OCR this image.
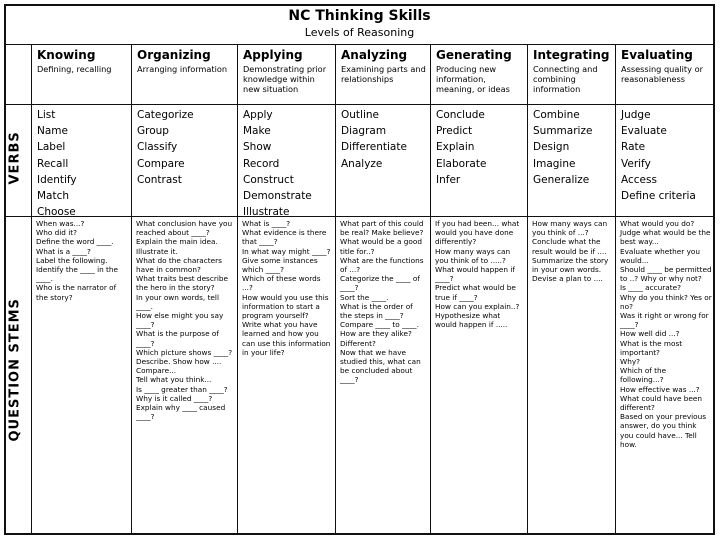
NC Thinking Skills
Levels of Reasoning
VERBS
QUESTION STEMS
Knowing
Defining, recalling
Organizing
Arranging information
Applying
Demonstrating prior knowledge within new situation
Analyzing
Examining parts and relationships
Generating
Producing new information, meaning, or ideas
Integrating
Connecting and combining information
Evaluating
Assessing quality or reasonableness
List
Name
Label
Recall
Identify
Match
Choose
Categorize
Group
Classify
Compare
Contrast
Apply
Make
Show
Record
Construct
Demonstrate
Illustrate
Outline
Diagram
Differentiate
Analyze
Conclude
Predict
Explain
Elaborate
Infer
Combine
Summarize
Design
Imagine
Generalize
Judge
Evaluate
Rate
Verify
Access
Define criteria
When was...?
Who did it?
Define the word ____.
What is a ____?
Label the following.
Identify the ____ in the ____.
Who is the narrator of the story?
What conclusion have you reached about ____?
Explain the main idea.
Illustrate it.
What do the characters have in common?
What traits best describe the hero in the story?
In your own words, tell ____.
How else might you say ____?
What is the purpose of ____?
Which picture shows ____?
Describe. Show how ....
Compare...
Tell what you think...
Is ____ greater than ____?
Why is it called ____?
Explain why ____ caused ____?
What is ____?
What evidence is there that ____?
In what way might ____?
Give some instances which ____?
Which of these words ...?
How would you use this information to start a program yourself?
Write what you have learned and how you can use this information in your life?
What part of this could be real? Make believe?
What would be a good title for..?
What are the functions of ...?
Categorize the ____ of ____?
Sort the ____.
What is the order of the steps in ____?
Compare ____ to ____. How are they alike? Different?
Now that we have studied this, what can be concluded about ____?
If you had been... what would you have done differently?
How many ways can you think of to .....?
What would happen if ____?
Predict what would be true if ____?
How can you explain..?
Hypothesize what would happen if .....
How many ways can you think of ...?
Conclude what the result would be if ....
Summarize the story in your own words.
Devise a plan to ....
What would you do?
Judge what would be the best way...
Evaluate whether you would...
Should ____ be permitted to ..? Why or why not?
Is ____ accurate?
Why do you think? Yes or no?
Was it right or wrong for ____?
How well did ...?
What is the most important?
Why?
Which of the following...?
How effective was ...?
What could have been different?
Based on your previous answer, do you think you could have... Tell how.
